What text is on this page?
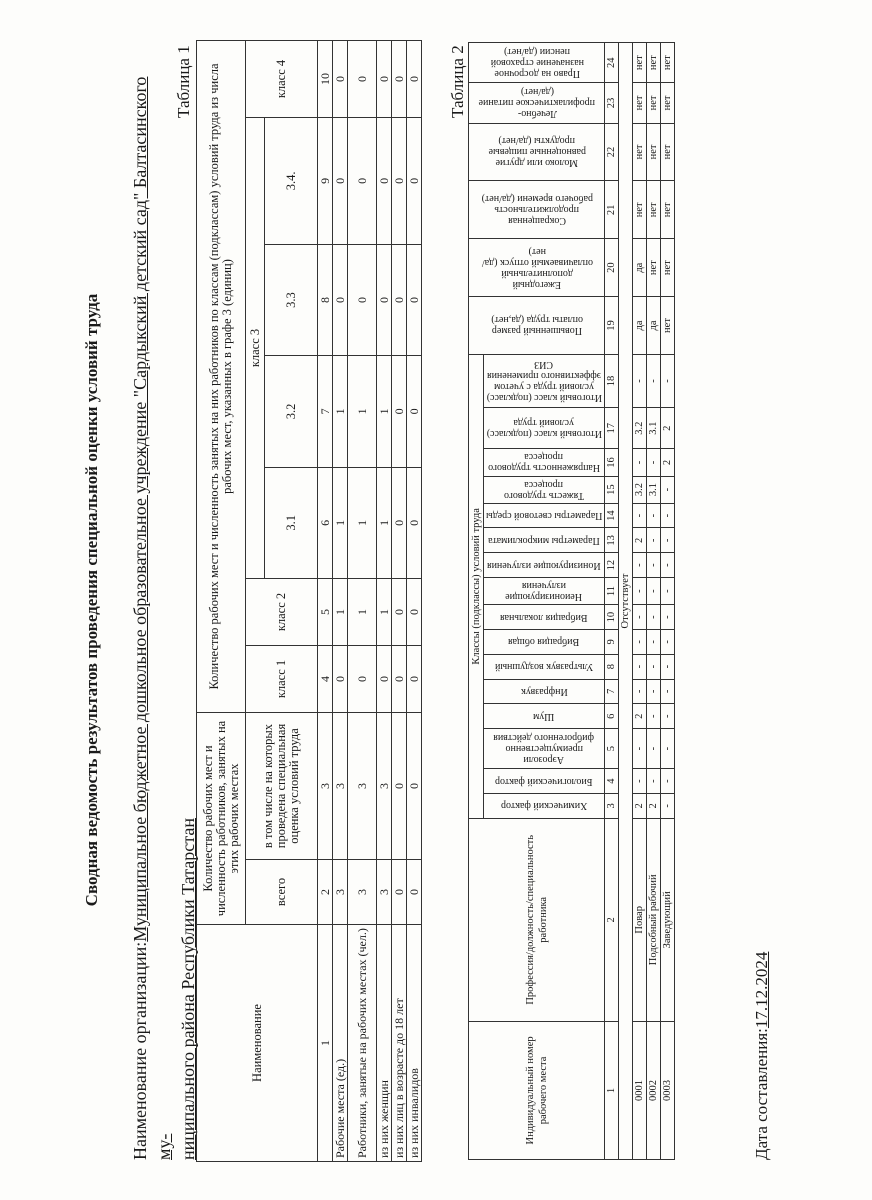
Сводная ведомость результатов проведения специальной оценки условий труда
Наименование организации:Муниципальное бюджетное дошкольное образовательное учреждение "Сардыкский детский сад" Балтасинского му- ниципального района Республики Татарстан
Таблица 1
Наименование	Количество рабочих мест и численность работников, занятых на этих рабочих местах		Количество рабочих мест и численность занятых на них работников по классам (подклассам) условий труда из числа рабочих мест, указанных в графе 3 (единиц)						
	всего	в том числе на которых проведена специальная оценка условий труда	класс 1	класс 2	класс 3				класс 4
					3.1	3.2	3.3	3.4.	
1	2	3	4	5	6	7	8	9	10
Рабочие места (ед.)	3	3	0	1	1	1	0	0	0
Работники, занятые на рабочих местах (чел.)	3	3	0	1	1	1	0	0	0
из них женщин	3	3	0	1	1	1	0	0	0
из них лиц в возрасте до 18 лет	0	0	0	0	0	0	0	0	0
из них инвалидов	0	0	0	0	0	0	0	0	0 Таблица 2
Индивидуальный номер рабочего места	Профессия/должность/специальность работника	Классы (подклассы) условий труда																Повышенный размер оплаты труда (да,нет)	Ежегодный дополнительный оплачиваемый отпуск (да/нет)	Сокращенная продолжительность рабочего времени (да/нет)	Молоко или другие равноценные пищевые продукты (да/нет)	Лечебно-профилактическое питание (да/нет)	Право на досрочное назначение страховой пенсии (да/нет)

		Химический фактор	Биологический фактор	Аэрозоли преимущественно фиброгенного действия	Шум	Инфразвук	Ультразвук воздушный	Вибрация общая	Вибрация локальная	Неионизирующие излучения	Ионизирующие излучения	Параметры микроклимата	Параметры световой среды	Тяжесть трудового процесса	Напряженность трудового процесса	Итоговый класс (подкласс) условий труда	Итоговый класс (подкласс) условий труда с учетом эффективного применения СИЗ						

1	2	3	4	5	6	7	8	9	10	11	12	13	14	15	16	17	18	19	20	21	22	23	24
Отсутствует																							
0001	Повар	2	-	-	2	-	-	-	-	-	-	2	-	3.2	-	3.2	-	да	да	нет	нет	нет	нет
0002	Подсобный рабочий	2	-	-	-	-	-	-	-	-	-	-	-	3.1	-	3.1	-	да	нет	нет	нет	нет	нет
0003	Заведующий	-	-	-	-	-	-	-	-	-	-	-	-	-	2	2	-	нет	нет	нет	нет	нет	нет
Дата составления:17.12.2024
